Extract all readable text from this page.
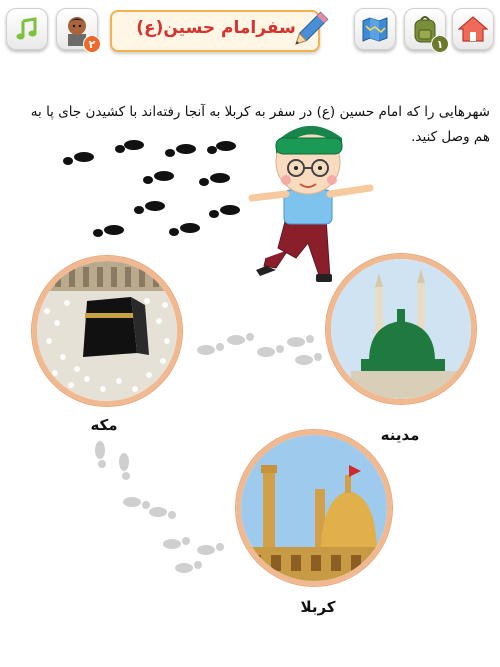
۲
سفرامام حسین(ع)
۱
شهرهایی را که امام حسین (ع) در سفر به کربلا به آنجا رفته‌اند با کشیدن جای پا به هم وصل کنید.
مکه
مدینه
کربلا
